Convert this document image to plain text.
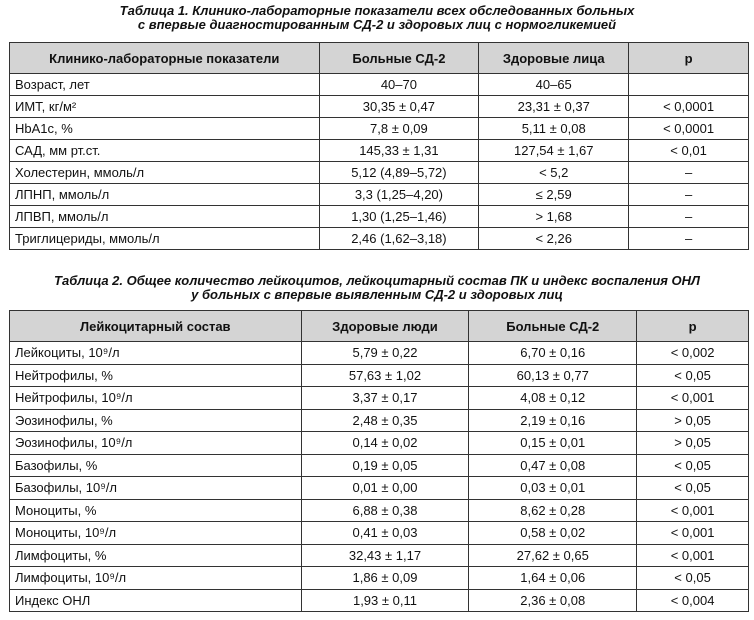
Таблица 1. Клинико-лабораторные показатели всех обследованных больных
с впервые диагностированным СД-2 и здоровых лиц с нормогликемией
Клинико-лабораторные показатели	Больные СД-2	Здоровые лица	p
Возраст, лет	40–70	40–65	
ИМТ, кг/м²	30,35 ± 0,47	23,31 ± 0,37	< 0,0001
HbA1c, %	7,8 ± 0,09	5,11 ± 0,08	< 0,0001
САД, мм рт.ст.	145,33 ± 1,31	127,54 ± 1,67	< 0,01
Холестерин, ммоль/л	5,12 (4,89–5,72)	< 5,2	–
ЛПНП, ммоль/л	3,3 (1,25–4,20)	≤ 2,59	–
ЛПВП, ммоль/л	1,30 (1,25–1,46)	> 1,68	–
Триглицериды, ммоль/л	2,46 (1,62–3,18)	< 2,26	–
Таблица 2. Общее количество лейкоцитов, лейкоцитарный состав ПК и индекс воспаления ОНЛ
у больных с впервые выявленным СД-2 и здоровых лиц
Лейкоцитарный состав	Здоровые люди	Больные СД-2	p
Лейкоциты, 10⁹/л	5,79 ± 0,22	6,70 ± 0,16	< 0,002
Нейтрофилы, %	57,63 ± 1,02	60,13 ± 0,77	< 0,05
Нейтрофилы, 10⁹/л	3,37 ± 0,17	4,08 ± 0,12	< 0,001
Эозинофилы, %	2,48 ± 0,35	2,19 ± 0,16	> 0,05
Эозинофилы, 10⁹/л	0,14 ± 0,02	0,15 ± 0,01	> 0,05
Базофилы, %	0,19 ± 0,05	0,47 ± 0,08	< 0,05
Базофилы, 10⁹/л	0,01 ± 0,00	0,03 ± 0,01	< 0,05
Моноциты, %	6,88 ± 0,38	8,62 ± 0,28	< 0,001
Моноциты, 10⁹/л	0,41 ± 0,03	0,58 ± 0,02	< 0,001
Лимфоциты, %	32,43 ± 1,17	27,62 ± 0,65	< 0,001
Лимфоциты, 10⁹/л	1,86 ± 0,09	1,64 ± 0,06	< 0,05
Индекс ОНЛ	1,93 ± 0,11	2,36 ± 0,08	< 0,004
